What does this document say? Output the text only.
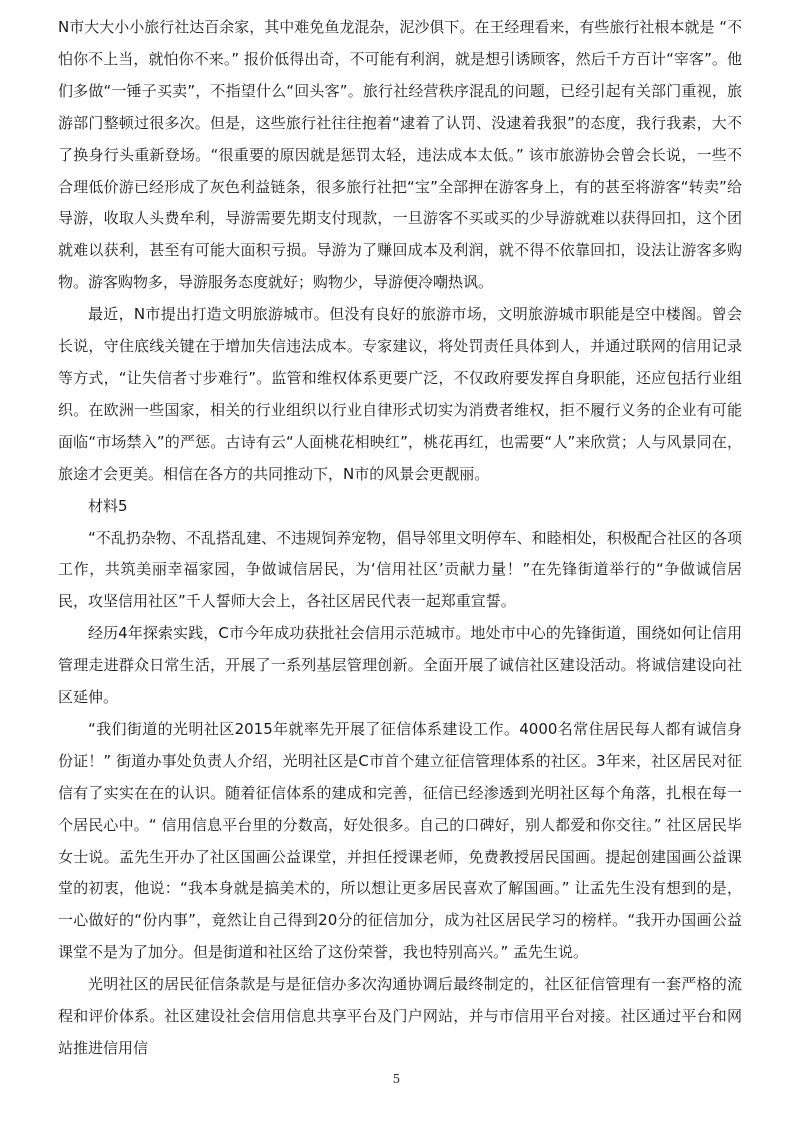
N市大大小小旅行社达百余家，其中难免鱼龙混杂，泥沙俱下。在王经理看来，有些旅行社根本就是 “不怕你不上当，就怕你不来。” 报价低得出奇，不可能有利润，就是想引诱顾客，然后千方百计“宰客”。他们多做“一锤子买卖”，不指望什么“回头客”。旅行社经营秩序混乱的问题，已经引起有关部门重视，旅游部门整顿过很多次。但是，这些旅行社往往抱着“逮着了认罚、没逮着我狠”的态度，我行我素，大不了换身行头重新登场。“很重要的原因就是惩罚太轻，违法成本太低。” 该市旅游协会曾会长说，一些不合理低价游已经形成了灰色利益链条，很多旅行社把“宝”全部押在游客身上，有的甚至将游客“转卖”给导游，收取人头费牟利，导游需要先期支付现款，一旦游客不买或买的少导游就难以获得回扣，这个团就难以获利，甚至有可能大面积亏损。导游为了赚回成本及利润，就不得不依靠回扣，设法让游客多购物。游客购物多，导游服务态度就好；购物少，导游便冷嘲热讽。

最近，N市提出打造文明旅游城市。但没有良好的旅游市场，文明旅游城市职能是空中楼阁。曾会长说，守住底线关键在于增加失信违法成本。专家建议，将处罚责任具体到人，并通过联网的信用记录等方式，“让失信者寸步难行”。监管和维权体系更要广泛，不仅政府要发挥自身职能，还应包括行业组织。在欧洲一些国家，相关的行业组织以行业自律形式切实为消费者维权，拒不履行义务的企业有可能面临“市场禁入”的严惩。古诗有云“人面桃花相映红”，桃花再红，也需要“人”来欣赏；人与风景同在，旅途才会更美。相信在各方的共同推动下，N市的风景会更靓丽。

材料5

“不乱扔杂物、不乱搭乱建、不违规饲养宠物，倡导邻里文明停车、和睦相处，积极配合社区的各项工作，共筑美丽幸福家园，争做诚信居民，为‘信用社区’贡献力量！”在先锋街道举行的“争做诚信居民，攻坚信用社区”千人誓师大会上，各社区居民代表一起郑重宣誓。

经历4年探索实践，C市今年成功获批社会信用示范城市。地处市中心的先锋街道，围绕如何让信用管理走进群众日常生活，开展了一系列基层管理创新。全面开展了诚信社区建设活动。将诚信建设向社区延伸。

“我们街道的光明社区2015年就率先开展了征信体系建设工作。4000名常住居民每人都有诚信身份证！” 街道办事处负责人介绍，光明社区是C市首个建立征信管理体系的社区。3年来，社区居民对征信有了实实在在的认识。随着征信体系的建成和完善，征信已经渗透到光明社区每个角落，扎根在每一个居民心中。“ 信用信息平台里的分数高，好处很多。自己的口碑好，别人都爱和你交往。” 社区居民毕女士说。孟先生开办了社区国画公益课堂，并担任授课老师，免费教授居民国画。提起创建国画公益课堂的初衷，他说：“我本身就是搞美术的，所以想让更多居民喜欢了解国画。” 让孟先生没有想到的是，一心做好的“份内事”，竟然让自己得到20分的征信加分，成为社区居民学习的榜样。“我开办国画公益课堂不是为了加分。但是街道和社区给了这份荣誉，我也特别高兴。” 孟先生说。

光明社区的居民征信条款是与是征信办多次沟通协调后最终制定的，社区征信管理有一套严格的流程和评价体系。社区建设社会信用信息共享平台及门户网站，并与市信用平台对接。社区通过平台和网站推进信用信

5
